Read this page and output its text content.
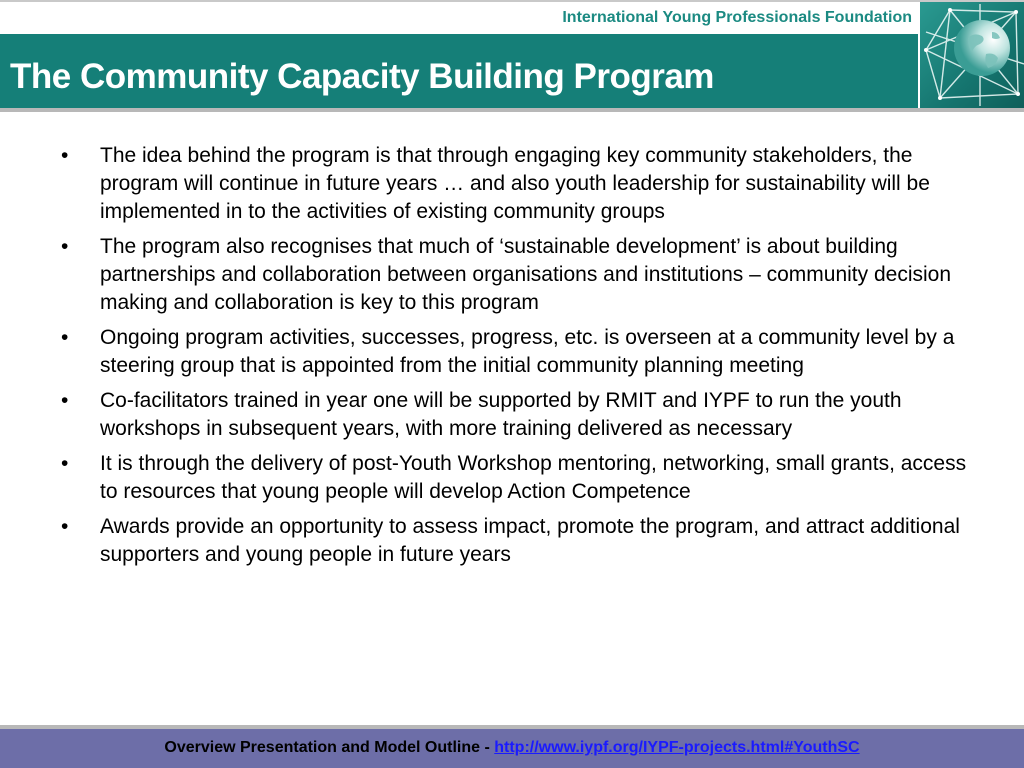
International Young Professionals Foundation
The Community Capacity Building Program
• The idea behind the program is that through engaging key community stakeholders, the program will continue in future years … and also youth leadership for sustainability will be implemented in to the activities of existing community groups
• The program also recognises that much of ‘sustainable development’ is about building partnerships and collaboration between organisations and institutions – community decision making and collaboration is key to this program
• Ongoing program activities, successes, progress, etc. is overseen at a community level by a steering group that is appointed from the initial community planning meeting
• Co-facilitators trained in year one will be supported by RMIT and IYPF to run the youth workshops in subsequent years, with more training delivered as necessary
• It is through the delivery of post-Youth Workshop mentoring, networking, small grants, access to resources that young people will develop Action Competence
• Awards provide an opportunity to assess impact, promote the program, and attract additional supporters and young people in future years
Overview Presentation and Model Outline - http://www.iypf.org/IYPF-projects.html#YouthSC
